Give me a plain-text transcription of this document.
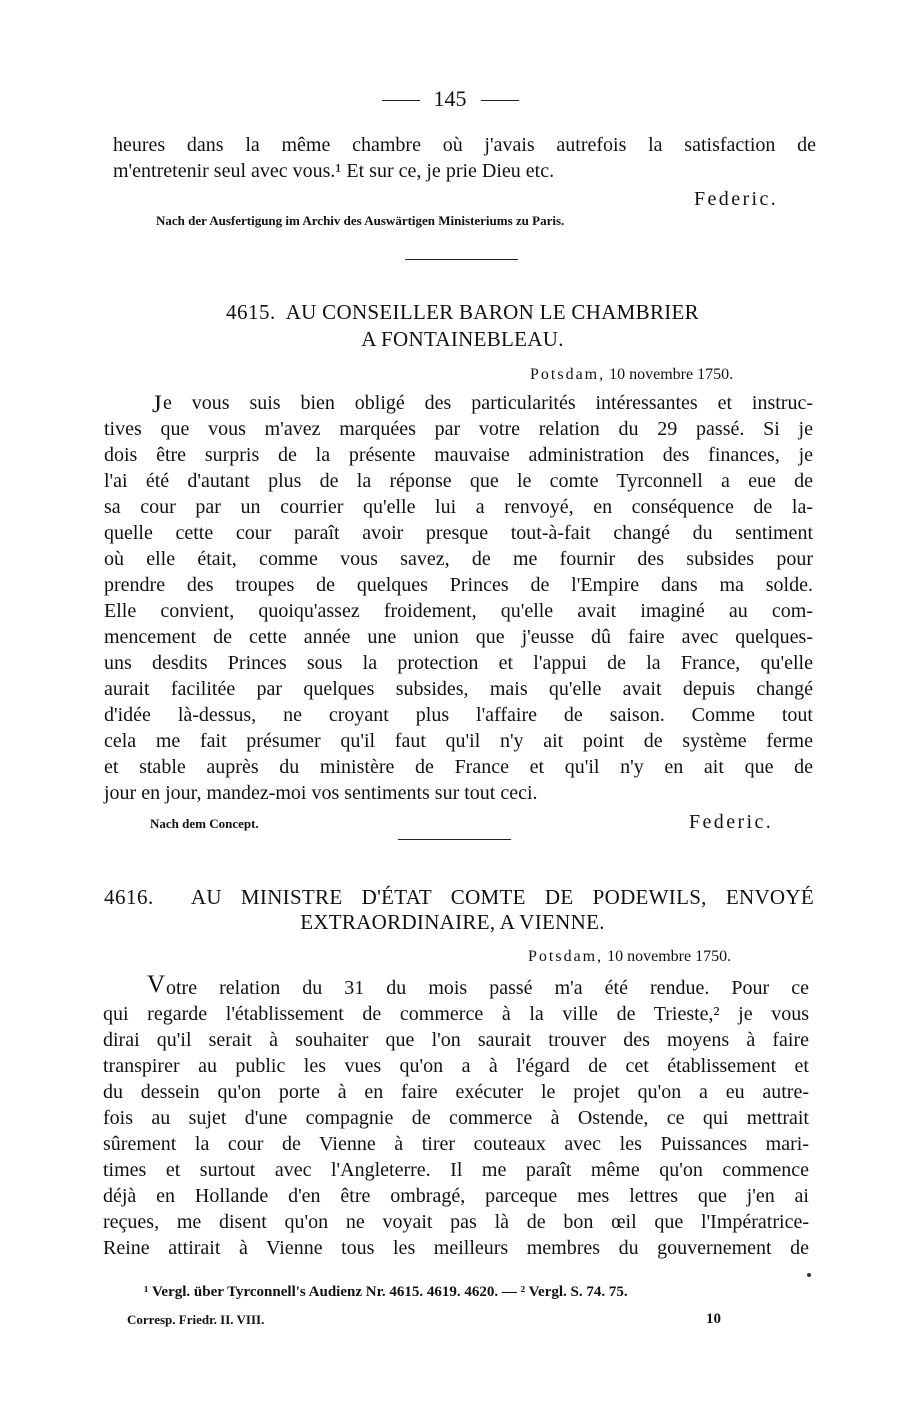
145
heures dans la même chambre où j'avais autrefois la satisfaction de
m'entretenir seul avec vous.¹ Et sur ce, je prie Dieu etc.
Federic.
Nach der Ausfertigung im Archiv des Auswärtigen Ministeriums zu Paris.
4615. AU CONSEILLER BARON LE CHAMBRIER
A FONTAINEBLEAU.
Potsdam, 10 novembre 1750.
J e vous suis bien obligé des particularités intéressantes et instruc-
tives que vous m'avez marquées par votre relation du 29 passé. Si je
dois être surpris de la présente mauvaise administration des finances, je
l'ai été d'autant plus de la réponse que le comte Tyrconnell a eue de
sa cour par un courrier qu'elle lui a renvoyé, en conséquence de la-
quelle cette cour paraît avoir presque tout-à-fait changé du sentiment
où elle était, comme vous savez, de me fournir des subsides pour
prendre des troupes de quelques Princes de l'Empire dans ma solde.
Elle convient, quoiqu'assez froidement, qu'elle avait imaginé au com-
mencement de cette année une union que j'eusse dû faire avec quelques-
uns desdits Princes sous la protection et l'appui de la France, qu'elle
aurait facilitée par quelques subsides, mais qu'elle avait depuis changé
d'idée là-dessus, ne croyant plus l'affaire de saison. Comme tout
cela me fait présumer qu'il faut qu'il n'y ait point de système ferme
et stable auprès du ministère de France et qu'il n'y en ait que de
jour en jour, mandez-moi vos sentiments sur tout ceci.
Nach dem Concept.	Federic.
4616. AU MINISTRE D'ÉTAT COMTE DE PODEWILS, ENVOYÉ
EXTRAORDINAIRE, A VIENNE.
Potsdam, 10 novembre 1750.
V otre relation du 31 du mois passé m'a été rendue. Pour ce
qui regarde l'établissement de commerce à la ville de Trieste,² je vous
dirai qu'il serait à souhaiter que l'on saurait trouver des moyens à faire
transpirer au public les vues qu'on a à l'égard de cet établissement et
du dessein qu'on porte à en faire exécuter le projet qu'on a eu autre-
fois au sujet d'une compagnie de commerce à Ostende, ce qui mettrait
sûrement la cour de Vienne à tirer couteaux avec les Puissances mari-
times et surtout avec l'Angleterre. Il me paraît même qu'on commence
déjà en Hollande d'en être ombragé, parceque mes lettres que j'en ai
reçues, me disent qu'on ne voyait pas là de bon œil que l'Impératrice-
Reine attirait à Vienne tous les meilleurs membres du gouvernement de
¹ Vergl. über Tyrconnell's Audienz Nr. 4615. 4619. 4620. — ² Vergl. S. 74. 75.
Corresp. Friedr. II. VIII.	10
